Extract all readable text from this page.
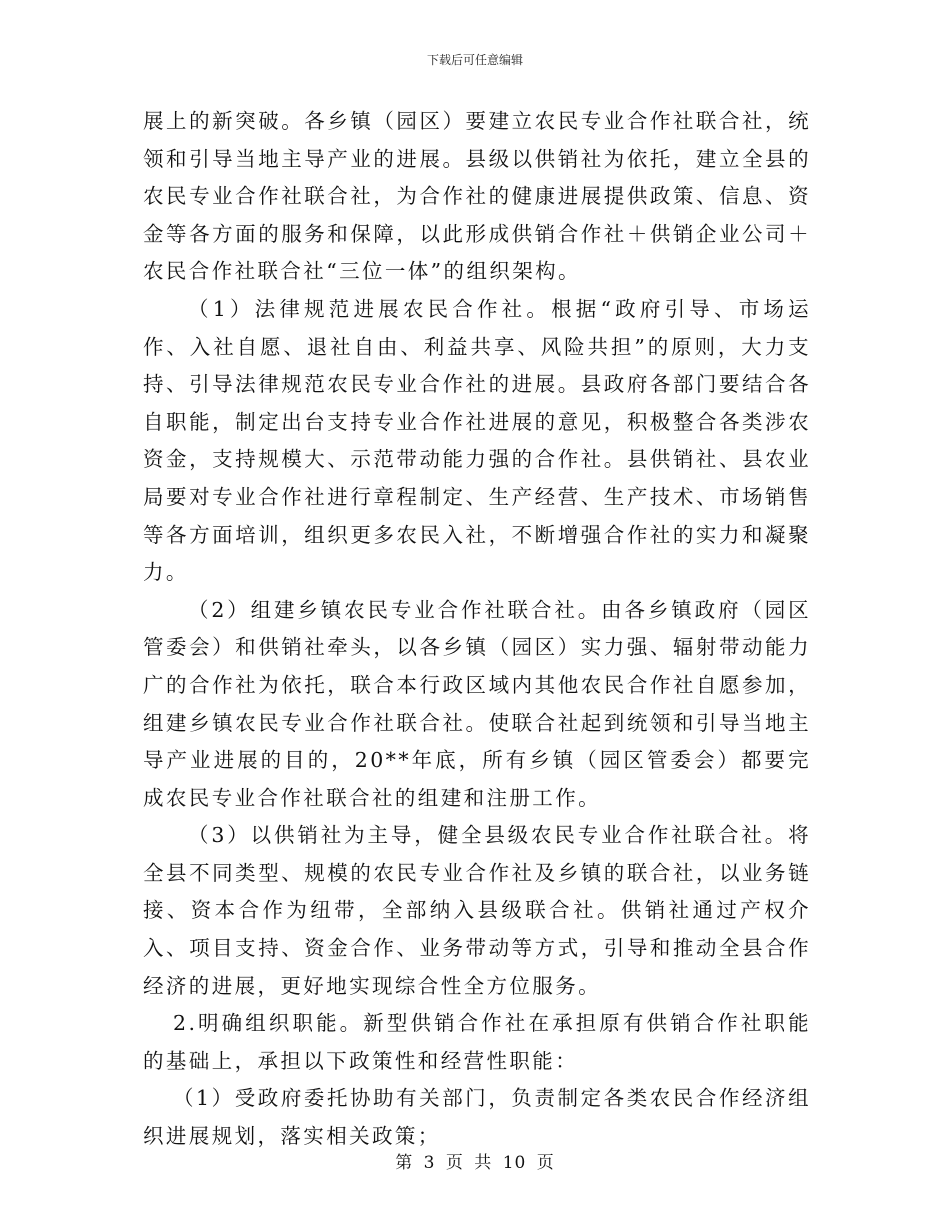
下载后可任意编辑

展上的新突破。各乡镇（园区）要建立农民专业合作社联合社，统领和引导当地主导产业的进展。县级以供销社为依托，建立全县的农民专业合作社联合社，为合作社的健康进展提供政策、信息、资金等各方面的服务和保障，以此形成供销合作社＋供销企业公司＋农民合作社联合社“三位一体”的组织架构。

（1）法律规范进展农民合作社。根据“政府引导、市场运作、入社自愿、退社自由、利益共享、风险共担”的原则，大力支持、引导法律规范农民专业合作社的进展。县政府各部门要结合各自职能，制定出台支持专业合作社进展的意见，积极整合各类涉农资金，支持规模大、示范带动能力强的合作社。县供销社、县农业局要对专业合作社进行章程制定、生产经营、生产技术、市场销售等各方面培训，组织更多农民入社，不断增强合作社的实力和凝聚力。

（2）组建乡镇农民专业合作社联合社。由各乡镇政府（园区管委会）和供销社牵头，以各乡镇（园区）实力强、辐射带动能力广的合作社为依托，联合本行政区域内其他农民合作社自愿参加，组建乡镇农民专业合作社联合社。使联合社起到统领和引导当地主导产业进展的目的，20**年底，所有乡镇（园区管委会）都要完成农民专业合作社联合社的组建和注册工作。

（3）以供销社为主导，健全县级农民专业合作社联合社。将全县不同类型、规模的农民专业合作社及乡镇的联合社，以业务链接、资本合作为纽带，全部纳入县级联合社。供销社通过产权介入、项目支持、资金合作、业务带动等方式，引导和推动全县合作经济的进展，更好地实现综合性全方位服务。

2.明确组织职能。新型供销合作社在承担原有供销合作社职能的基础上，承担以下政策性和经营性职能：

（1）受政府委托协助有关部门，负责制定各类农民合作经济组织进展规划，落实相关政策；

第 3 页 共 10 页
